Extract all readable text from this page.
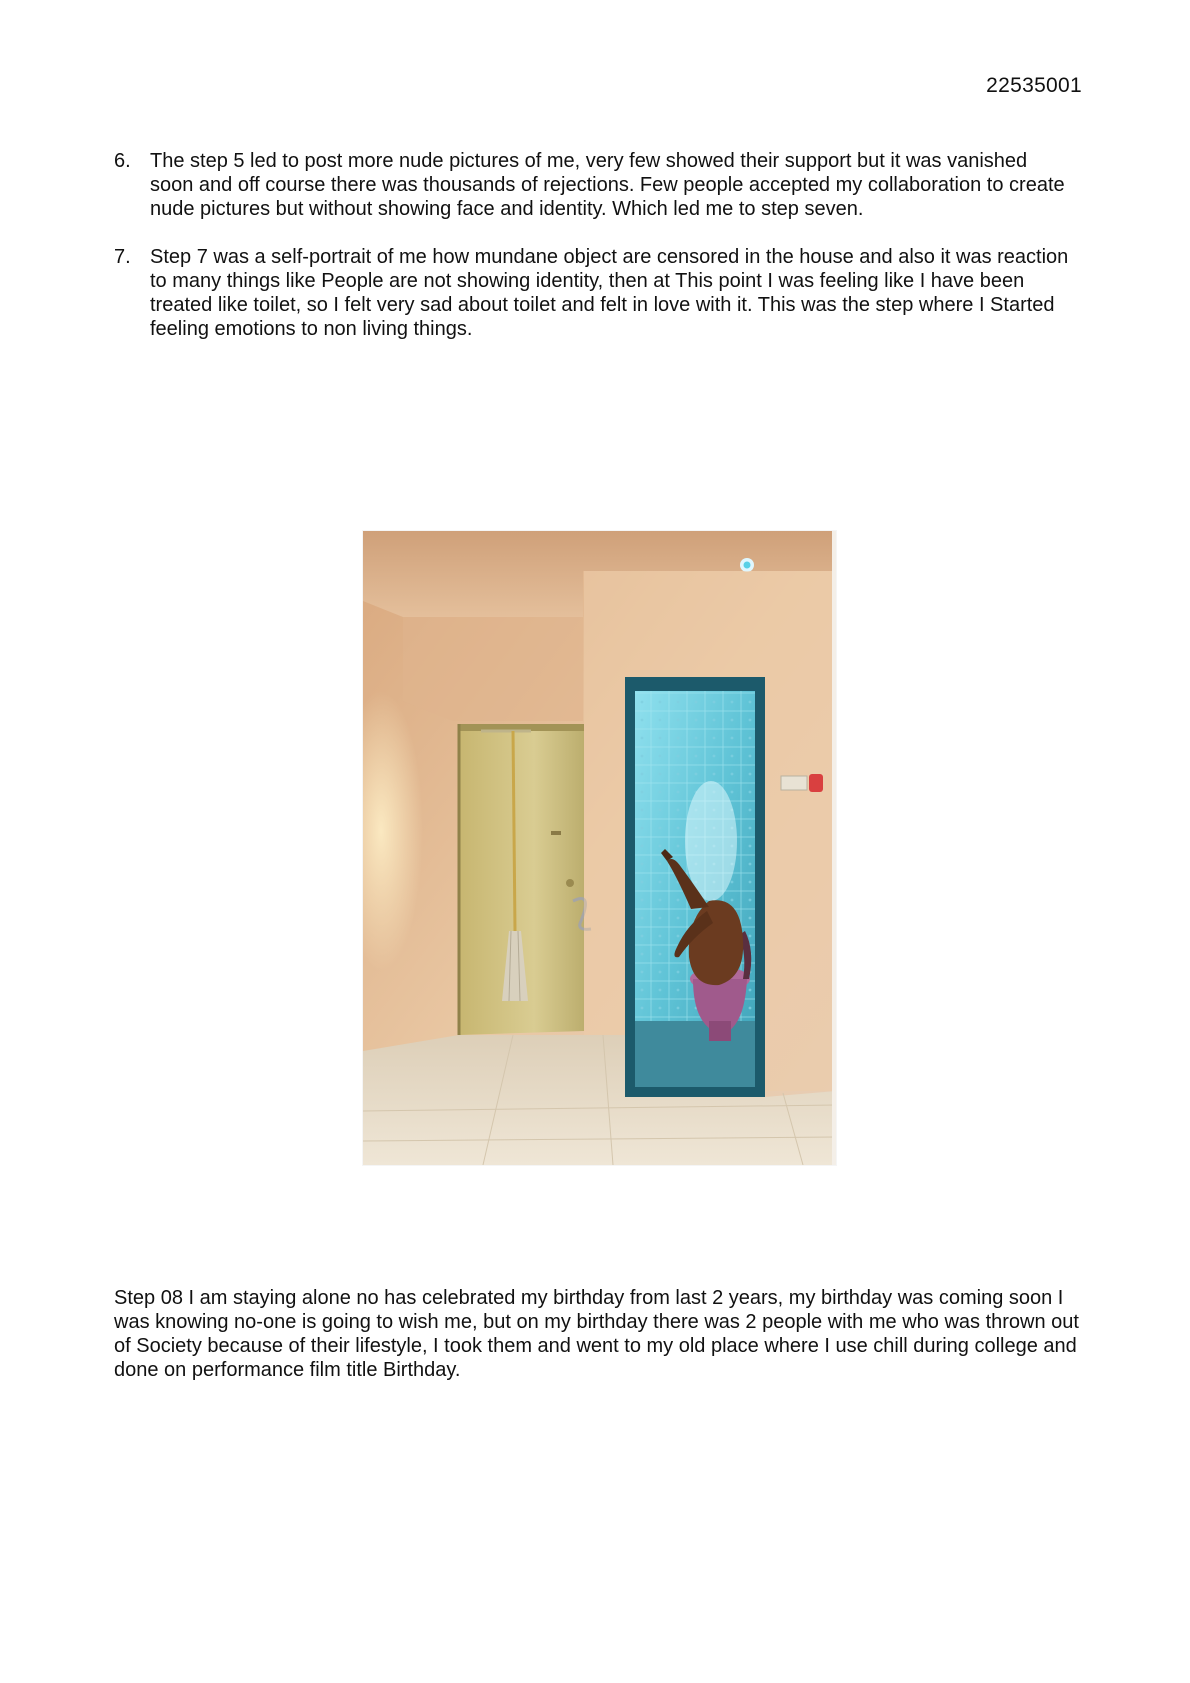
22535001
6. The step 5 led to post more nude pictures of me, very few showed their support but it was vanished soon and off course there was thousands of rejections. Few people accepted my collaboration to create nude pictures but without showing face and identity. Which led me to step seven.
7. Step 7 was a self-portrait of me how mundane object are censored in the house and also it was reaction to many things like People are not showing identity, then at This point I was feeling like I have been treated like toilet, so I felt very sad about toilet and felt in love with it. This was the step where I Started feeling emotions to non living things.

Step 08 I am staying alone no has celebrated my birthday from last 2 years, my birthday was coming soon I was knowing no-one is going to wish me, but on my birthday there was 2 people with me who was thrown out of Society because of their lifestyle, I took them and went to my old place where I use chill during college and done on performance film title Birthday.
